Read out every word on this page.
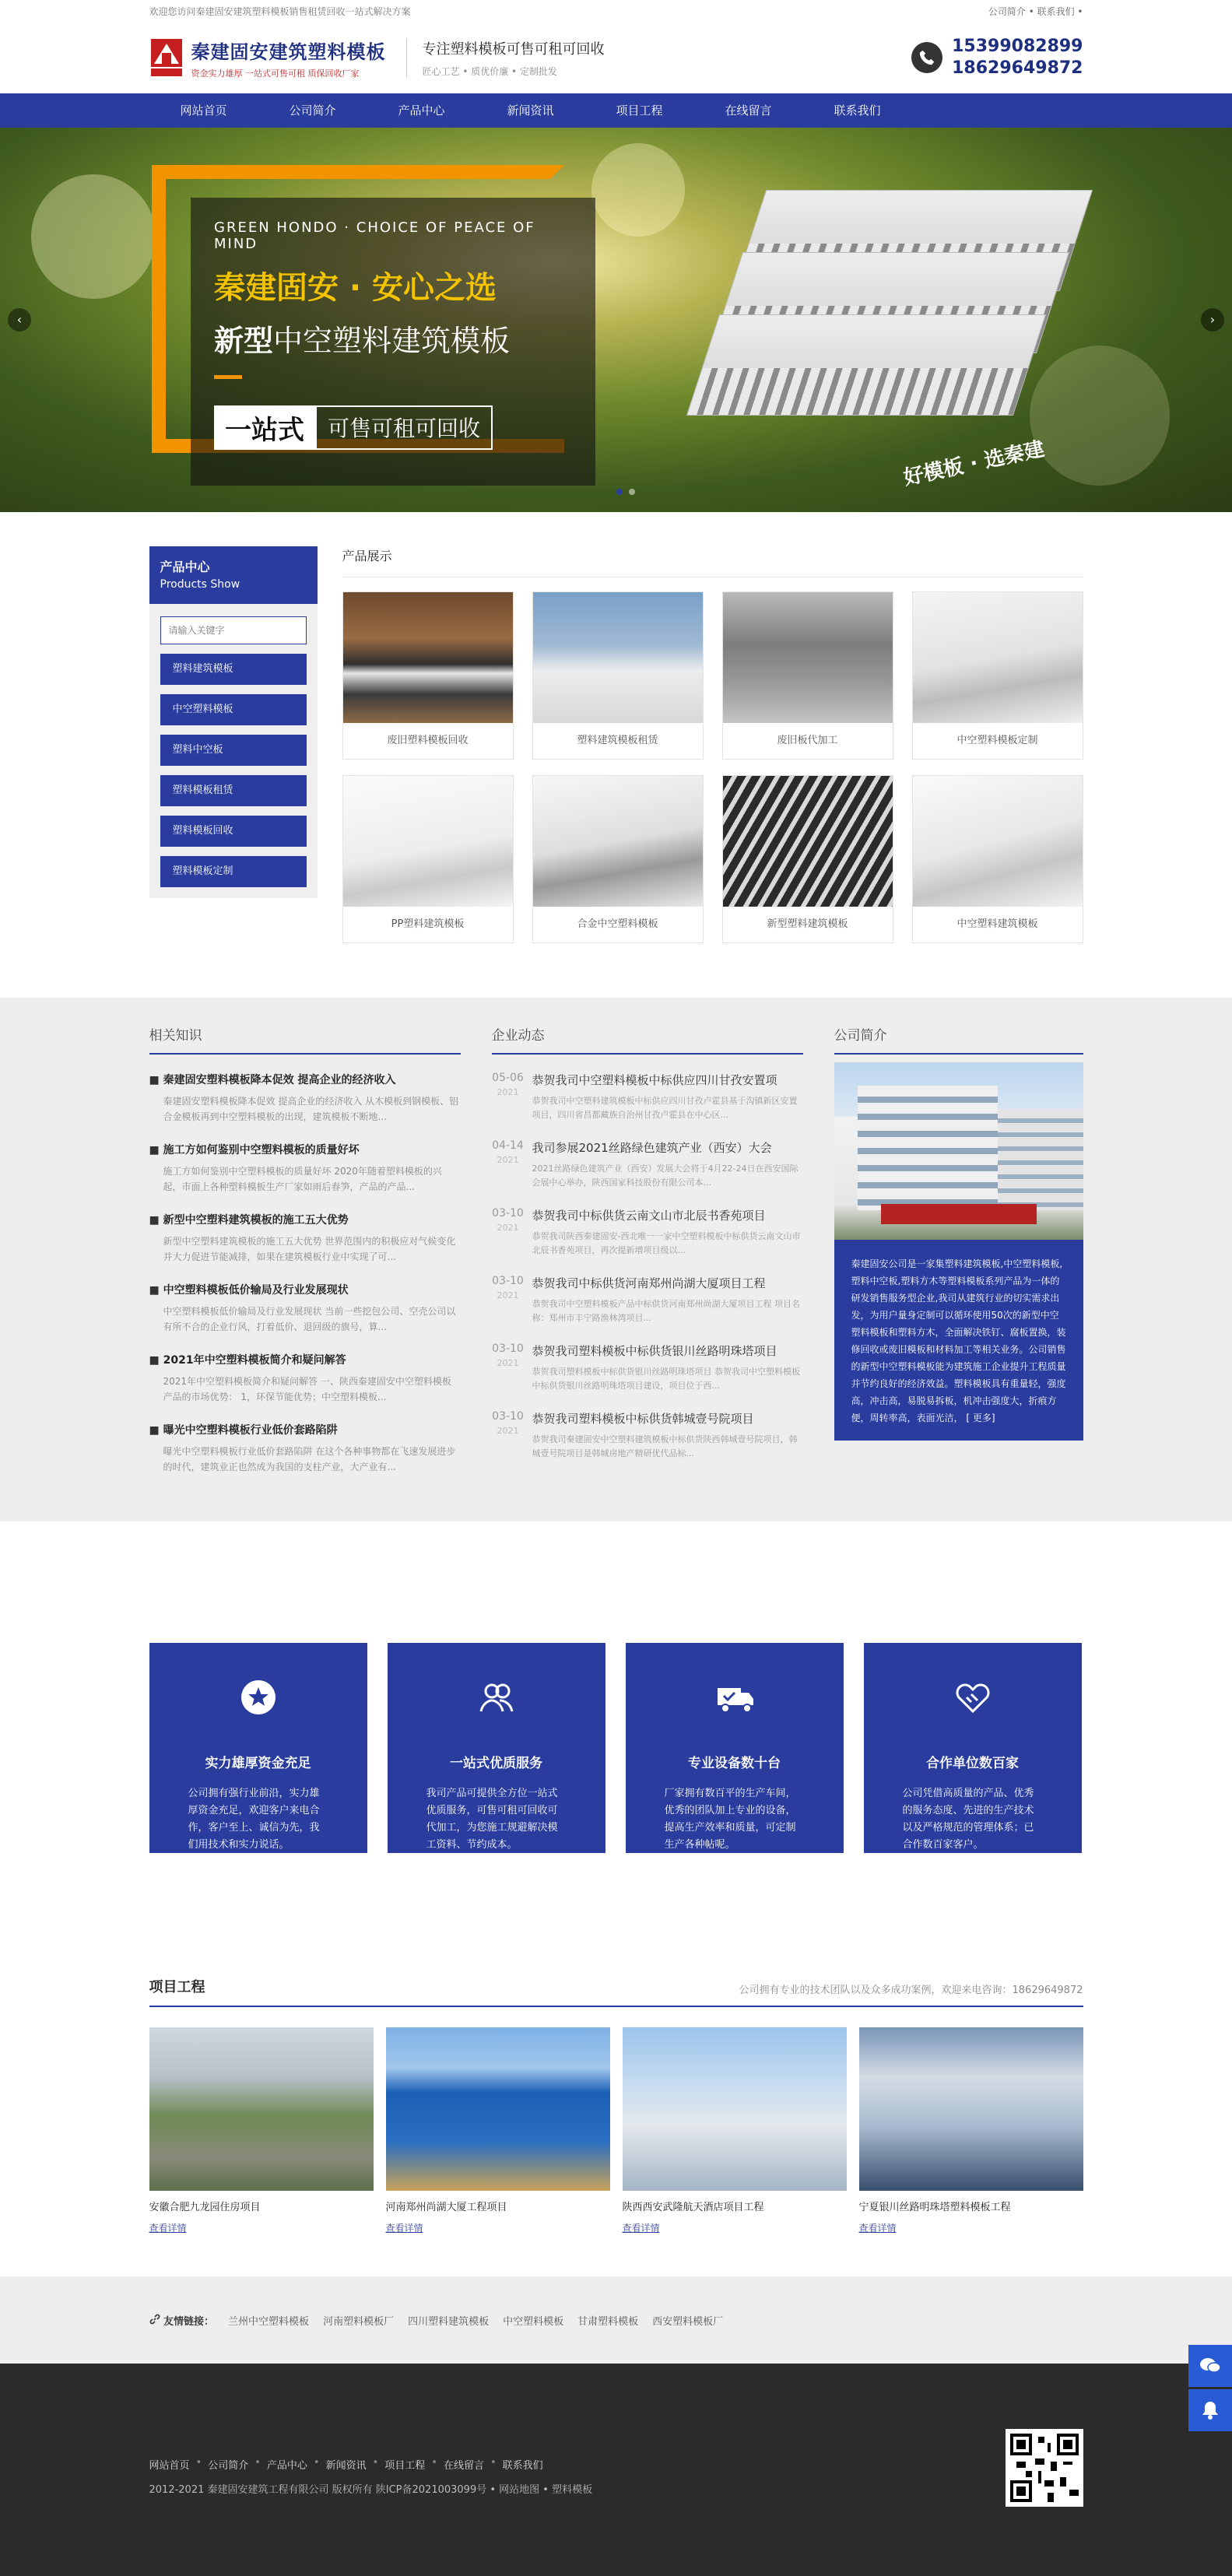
欢迎您访问秦建固安建筑塑料模板销售租赁回收一站式解决方案	公司简介 • 联系我们 •
秦建固安建筑塑料模板
资金实力雄厚 一站式可售可租 质保回收厂家
专注塑料模板可售可租可回收
匠心工艺 • 质优价廉 • 定制批发
15399082899
18629649872
网站首页	公司简介	产品中心	新闻资讯	项目工程	在线留言	联系我们
GREEN HONDO · CHOICE OF PEACE OF MIND
秦建固安 · 安心之选
新型中空塑料建筑模板
一站式	可售可租可回收
好模板 · 选秦建
‹	›
产品中心
Products Show
请输入关键字
塑料建筑模板
中空塑料模板
塑料中空板
塑料模板租赁
塑料模板回收
塑料模板定制
产品展示
废旧塑料模板回收	塑料建筑模板租赁	废旧板代加工	中空塑料模板定制
PP塑料建筑模板	合金中空塑料模板	新型塑料建筑模板	中空塑料建筑模板
相关知识
■ 秦建固安塑料模板降本促效 提高企业的经济收入
秦建固安塑料模板降本促效 提高企业的经济收入 从木模板到钢模板、铝合金模板再到中空塑料模板的出现，建筑模板不断地...
■ 施工方如何鉴别中空塑料模板的质量好坏
施工方如何鉴别中空塑料模板的质量好坏 2020年随着塑料模板的兴起，市面上各种塑料模板生产厂家如雨后春笋，产品的产品...
■ 新型中空塑料建筑模板的施工五大优势
新型中空塑料建筑模板的施工五大优势 世界范围内的积极应对气候变化并大力促进节能减排，如果在建筑模板行业中实现了可...
■ 中空塑料模板低价输局及行业发展现状
中空塑料模板低价输局及行业发展现状 当前一些挖包公司、空壳公司以有所不合的企业行风，打着低价、退回级的旗号，算...
■ 2021年中空塑料模板简介和疑问解答
2021年中空塑料模板简介和疑问解答 一、陕西秦建固安中空塑料模板产品的市场优势： 1，环保节能优势；中空塑料模板...
■ 曝光中空塑料模板行业低价套路陷阱
曝光中空塑料模板行业低价套路陷阱 在这个各种事物都在飞速发展进步的时代，建筑业正也然成为我国的支柱产业，大产业有...
企业动态
05-06
2021
恭贺我司中空塑料模板中标供应四川甘孜安置项
恭贺我司中空塑料建筑模板中标供应四川甘孜卢霍县基于沟镇新区安置项目，四川省昌都藏族自治州甘孜卢霍县在中心区...
04-14
2021
我司参展2021丝路绿色建筑产业（西安）大会
2021丝路绿色建筑产业（西安）发展大会将于4月22-24日在西安国际会展中心举办，陕西国家科技股份有限公司本...
03-10
2021
恭贺我司中标供货云南文山市北辰书香苑项目
恭贺我司陕西秦建固安-西北唯一一家中空塑料模板中标供货云南文山市北辰书香苑项目，再次提新增项目级以...
03-10
2021
恭贺我司中标供货河南郑州尚湖大厦项目工程
恭贺我司中空塑料模板产品中标供货河南郑州尚湖大厦项目工程 项目名称：郑州市丰宁路渔林湾项目...
03-10
2021
恭贺我司塑料模板中标供货银川丝路明珠塔项目
恭贺我司塑料模板中标供货银川丝路明珠塔项目 恭贺我司中空塑料模板中标供货银川丝路明珠塔项目建设，项目位于西...
03-10
2021
恭贺我司塑料模板中标供货韩城壹号院项目
恭贺我司秦建固安中空塑料建筑模板中标供货陕西韩城壹号院项目，韩城壹号院项目是韩城房地产精研优代品标...
公司简介
秦建固安公司是一家集塑料建筑模板,中空塑料模板,塑料中空板,塑料方木等塑料模板系列产品为一体的研发销售服务型企业,我司从建筑行业的切实需求出发，为用户量身定制可以循环使用50次的新型中空塑料模板和塑料方木，全面解决铁钉、腐板置换，装修回收或废旧模板和材料加工等相关业务。公司销售的新型中空塑料模板能为建筑施工企业提升工程质量并节约良好的经济效益。塑料模板具有重量轻，强度高，冲击高，易脱易拆板，机冲击强度大，折痕方便，周转率高，表面光洁， [ 更多]
实力雄厚资金充足
公司拥有强行业前沿，实力雄厚资金充足，欢迎客户来电合作，客户至上、诚信为先，我们用技术和实力说话。
一站式优质服务
我司产品可提供全方位一站式优质服务，可售可租可回收可代加工，为您施工规避解决模工资料、节约成本。
专业设备数十台
厂家拥有数百平的生产车间，优秀的团队加上专业的设备，提高生产效率和质量，可定制生产各种帖呢。
合作单位数百家
公司凭借高质量的产品、优秀的服务态度、先进的生产技术以及严格规范的管理体系；已合作数百家客户。
项目工程	公司拥有专业的技术团队以及众多成功案例，欢迎来电咨询：18629649872
安徽合肥九龙园住房项目
查看详情
河南郑州尚湖大厦工程项目
查看详情
陕西西安武隆航天酒店项目工程
查看详情
宁夏银川丝路明珠塔塑料模板工程
查看详情
友情链接： 兰州中空塑料模板 河南塑料模板厂 四川塑料建筑模板 中空塑料模板 甘肃塑料模板 西安塑料模板厂
网站首页 • 公司简介 • 产品中心 • 新闻资讯 • 项目工程 • 在线留言 • 联系我们
2012-2021 秦建固安建筑工程有限公司 版权所有 陕ICP备2021003099号 • 网站地图 • 塑料模板
